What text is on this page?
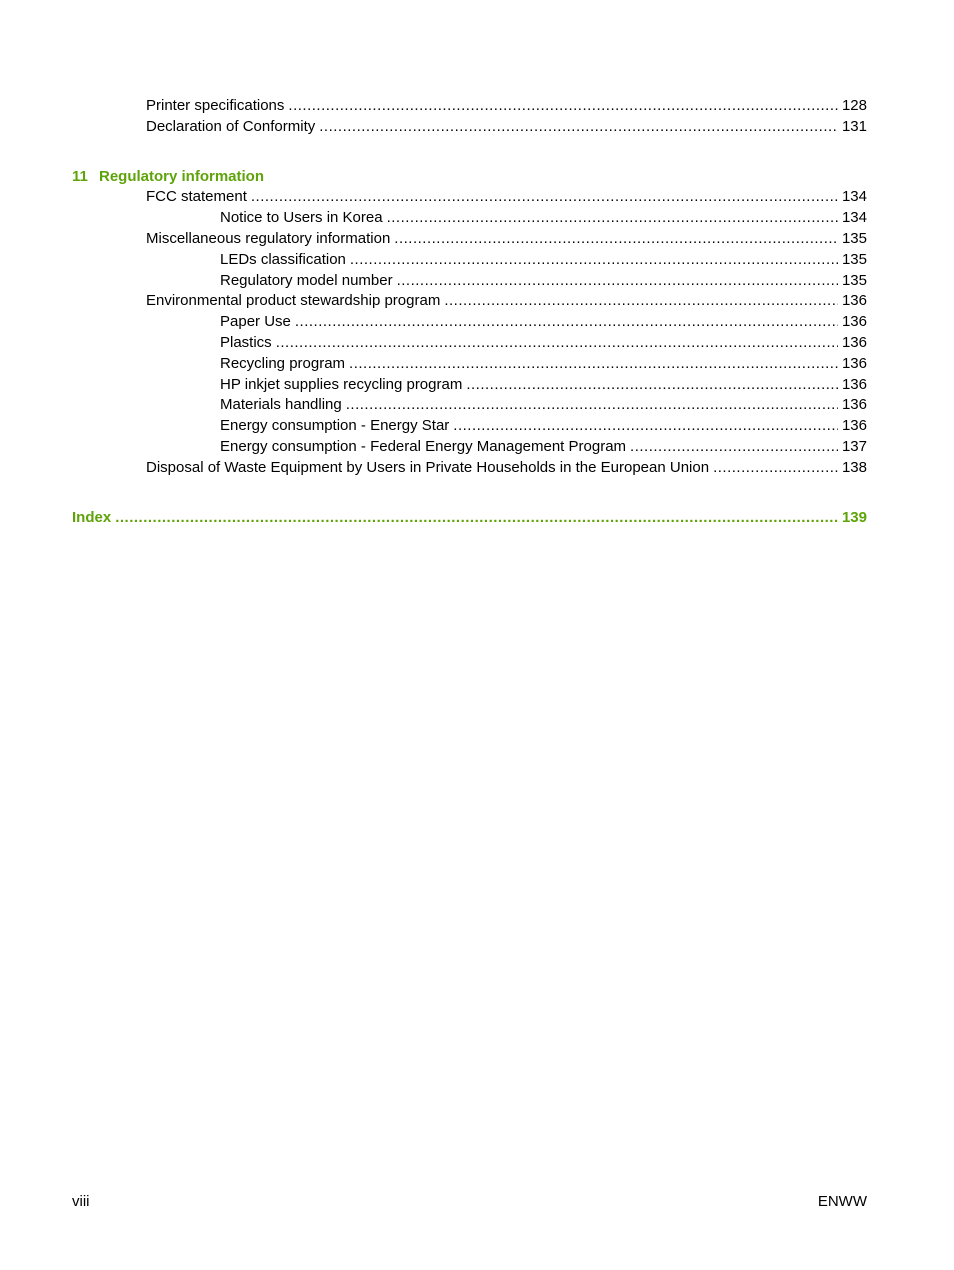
Printer specifications .....	128
Declaration of Conformity .....	131
11 Regulatory information
FCC statement .....	134
Notice to Users in Korea .....	134
Miscellaneous regulatory information .....	135
LEDs classification .....	135
Regulatory model number .....	135
Environmental product stewardship program .....	136
Paper Use .....	136
Plastics .....	136
Recycling program .....	136
HP inkjet supplies recycling program .....	136
Materials handling .....	136
Energy consumption - Energy Star .....	136
Energy consumption - Federal Energy Management Program .....	137
Disposal of Waste Equipment by Users in Private Households in the European Union .....	138
Index .....	139
viii	ENWW
